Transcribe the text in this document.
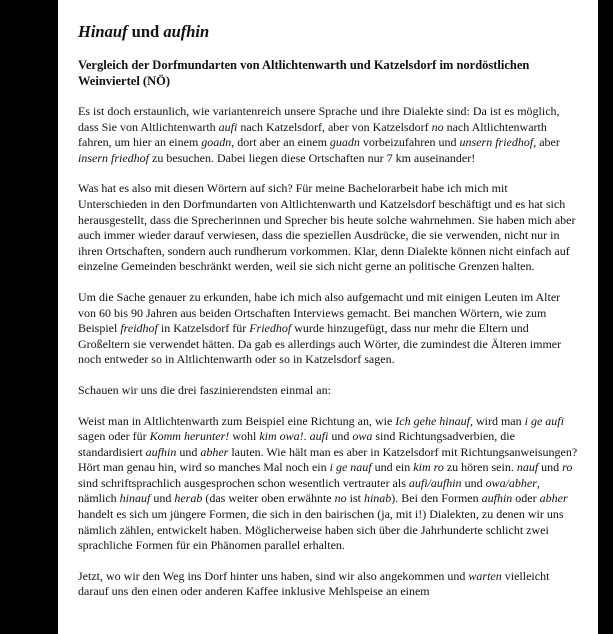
Hinauf und aufhin
Vergleich der Dorfmundarten von Altlichtenwarth und Katzelsdorf im nordöstlichen Weinviertel (NÖ)
Es ist doch erstaunlich, wie variantenreich unsere Sprache und ihre Dialekte sind: Da ist es möglich, dass Sie von Altlichtenwarth aufi nach Katzelsdorf, aber von Katzelsdorf no nach Altlichtenwarth fahren, um hier an einem goadn, dort aber an einem guadn vorbeizufahren und unsern friedhof, aber insern friedhof zu besuchen. Dabei liegen diese Ortschaften nur 7 km auseinander!
Was hat es also mit diesen Wörtern auf sich? Für meine Bachelorarbeit habe ich mich mit Unterschieden in den Dorfmundarten von Altlichtenwarth und Katzelsdorf beschäftigt und es hat sich herausgestellt, dass die Sprecherinnen und Sprecher bis heute solche wahrnehmen. Sie haben mich aber auch immer wieder darauf verwiesen, dass die speziellen Ausdrücke, die sie verwenden, nicht nur in ihren Ortschaften, sondern auch rundherum vorkommen. Klar, denn Dialekte können nicht einfach auf einzelne Gemeinden beschränkt werden, weil sie sich nicht gerne an politische Grenzen halten.
Um die Sache genauer zu erkunden, habe ich mich also aufgemacht und mit einigen Leuten im Alter von 60 bis 90 Jahren aus beiden Ortschaften Interviews gemacht. Bei manchen Wörtern, wie zum Beispiel freidhof in Katzelsdorf für Friedhof wurde hinzugefügt, dass nur mehr die Eltern und Großeltern sie verwendet hätten. Da gab es allerdings auch Wörter, die zumindest die Älteren immer noch entweder so in Altlichtenwarth oder so in Katzelsdorf sagen.
Schauen wir uns die drei faszinierendsten einmal an:
Weist man in Altlichtenwarth zum Beispiel eine Richtung an, wie Ich gehe hinauf, wird man i ge aufi sagen oder für Komm herunter! wohl kim owa!. aufi und owa sind Richtungsadverbien, die standardisiert aufhin und abher lauten. Wie hält man es aber in Katzelsdorf mit Richtungsanweisungen? Hört man genau hin, wird so manches Mal noch ein i ge nauf und ein kim ro zu hören sein. nauf und ro sind schriftsprachlich ausgesprochen schon wesentlich vertrauter als aufi/aufhin und owa/abher, nämlich hinauf und herab (das weiter oben erwähnte no ist hinab). Bei den Formen aufhin oder abher handelt es sich um jüngere Formen, die sich in den bairischen (ja, mit i!) Dialekten, zu denen wir uns nämlich zählen, entwickelt haben. Möglicherweise haben sich über die Jahrhunderte schlicht zwei sprachliche Formen für ein Phänomen parallel erhalten.
Jetzt, wo wir den Weg ins Dorf hinter uns haben, sind wir also angekommen und warten vielleicht darauf uns den einen oder anderen Kaffee inklusive Mehlspeise an einem
